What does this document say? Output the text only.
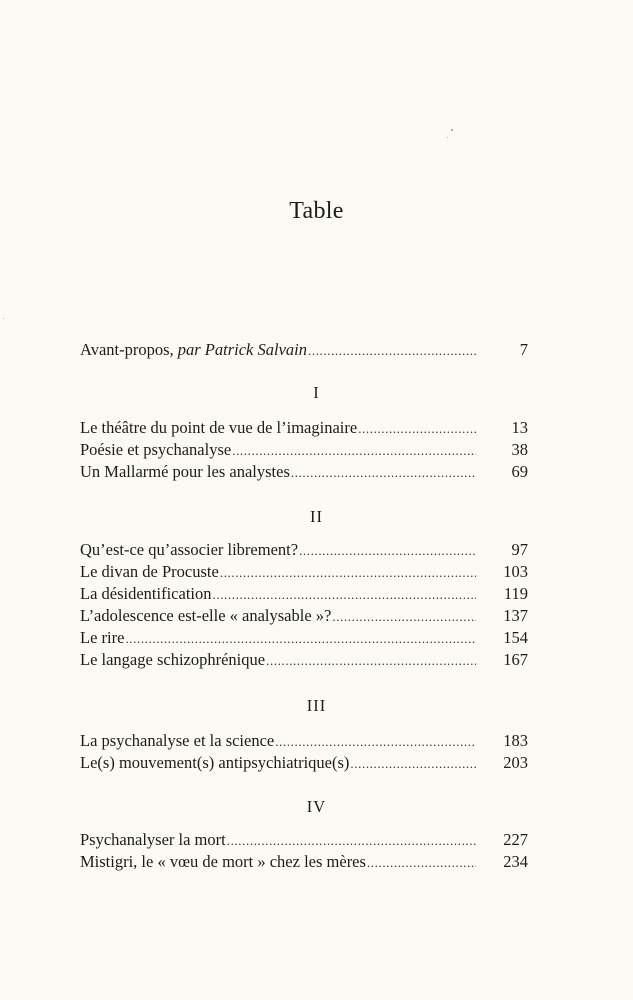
Table
Avant-propos, par Patrick Salvain .....	7
I
Le théâtre du point de vue de l’imaginaire .....	13
Poésie et psychanalyse .....	38
Un Mallarmé pour les analystes .....	69
II
Qu’est-ce qu’associer librement? .....	97
Le divan de Procuste .....	103
La désidentification .....	119
L’adolescence est-elle « analysable »? .....	137
Le rire .....	154
Le langage schizophrénique .....	167
III
La psychanalyse et la science .....	183
Le(s) mouvement(s) antipsychiatrique(s) .....	203
IV
Psychanalyser la mort .....	227
Mistigri, le « vœu de mort » chez les mères .....	234
